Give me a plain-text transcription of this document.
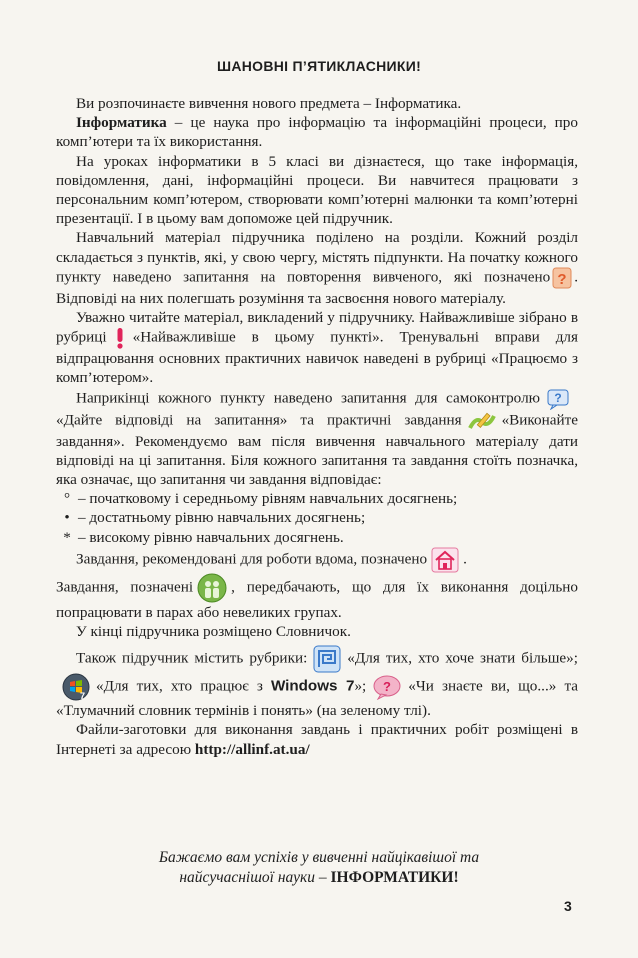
ШАНОВНІ П’ЯТИКЛАСНИКИ!

Ви розпочинаєте вивчення нового предмета – Інформатика.

Інформатика – це наука про інформацію та інформаційні процеси, про комп’ютери та їх використання.

На уроках інформатики в 5 класі ви дізнаєтеся, що таке інформація, повідомлення, дані, інформаційні процеси. Ви навчитеся працювати з персональним комп’ютером, створювати комп’ютерні малюнки та комп’ютерні презентації. І в цьому вам допоможе цей підручник.

Навчальний матеріал підручника поділено на розділи. Кожний розділ складається з пунктів, які, у свою чергу, містять підпункти. На початку кожного пункту наведено запитання на повторення вивченого, які позначено ? . Відповіді на них полегшать розуміння та засвоєння нового матеріалу.

Уважно читайте матеріал, викладений у підручнику. Найважливіше зібрано в рубриці «Найважливіше в цьому пункті». Тренувальні вправи для відпрацювання основних практичних навичок наведені в рубриці «Працюємо з комп’ютером».

Наприкінці кожного пункту наведено запитання для самоконтролю ?
«Дайте відповіді на запитання» та практичні завдання	«Виконайте завдання». Рекомендуємо вам після вивчення навчального матеріалу дати відповіді на ці запитання. Біля кожного запитання та завдання стоїть позначка, яка означає, що запитання чи завдання відповідає:

° – початковому і середньому рівням навчальних досягнень;
• – достатньому рівню навчальних досягнень;
* – високому рівню навчальних досягнень.

Завдання, рекомендовані для роботи вдома, позначено .

Завдання, позначені	, передбачають, що для їх виконання доцільно попрацювати в парах або невеликих групах.

У кінці підручника розміщено Словничок.

Також підручник містить рубрики:	«Для тих, хто хоче знати більше»;
7
«Для тих, хто працює з Windows 7»; ? «Чи знаєте ви, що...» та «Тлумачний словник термінів і понять» (на зеленому тлі).

Файли-заготовки для виконання завдань і практичних робіт розміщені в Інтернеті за адресою http://allinf.at.ua/

Бажаємо вам успіхів у вивченні найцікавішої та
найсучаснішої науки – ІНФОРМАТИКИ!
3
